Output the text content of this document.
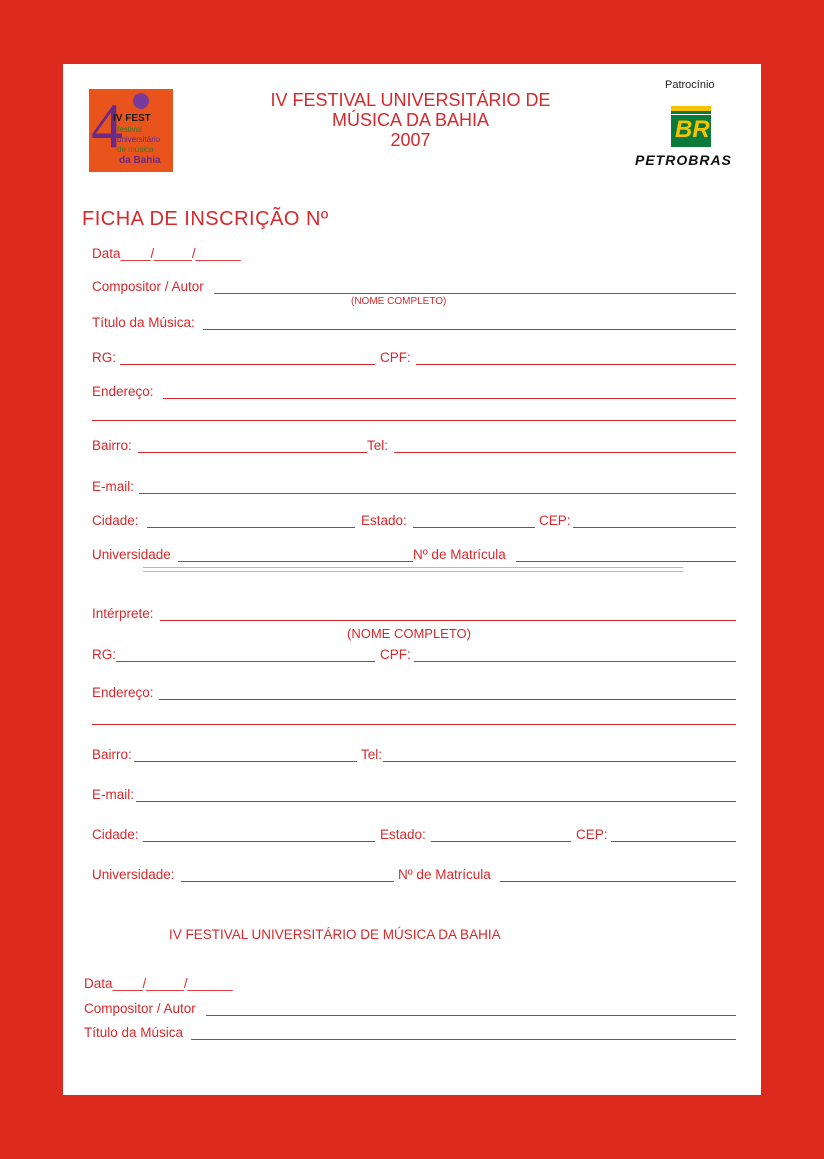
4
IV FEST
festival
universitário
de música
da Bahia
IV FESTIVAL UNIVERSITÁRIO DE
MÚSICA DA BAHIA
2007
Patrocínio
BR
PETROBRAS
FICHA DE INSCRIÇÃO Nº
Data____/_____/______
Compositor / Autor
(NOME COMPLETO)
Título da Música:
RG:	CPF:
Endereço:
Bairro:	Tel:
E-mail:
Cidade:	Estado:	CEP:
Universidade	Nº de Matrícula
Intérprete:
(NOME COMPLETO)
RG:	CPF:
Endereço:
Bairro:	Tel:
E-mail:
Cidade:	Estado:	CEP:
Universidade:	Nº de Matrícula
IV FESTIVAL UNIVERSITÁRIO DE MÚSICA DA BAHIA
Data____/_____/______
Compositor / Autor
Título da Música
